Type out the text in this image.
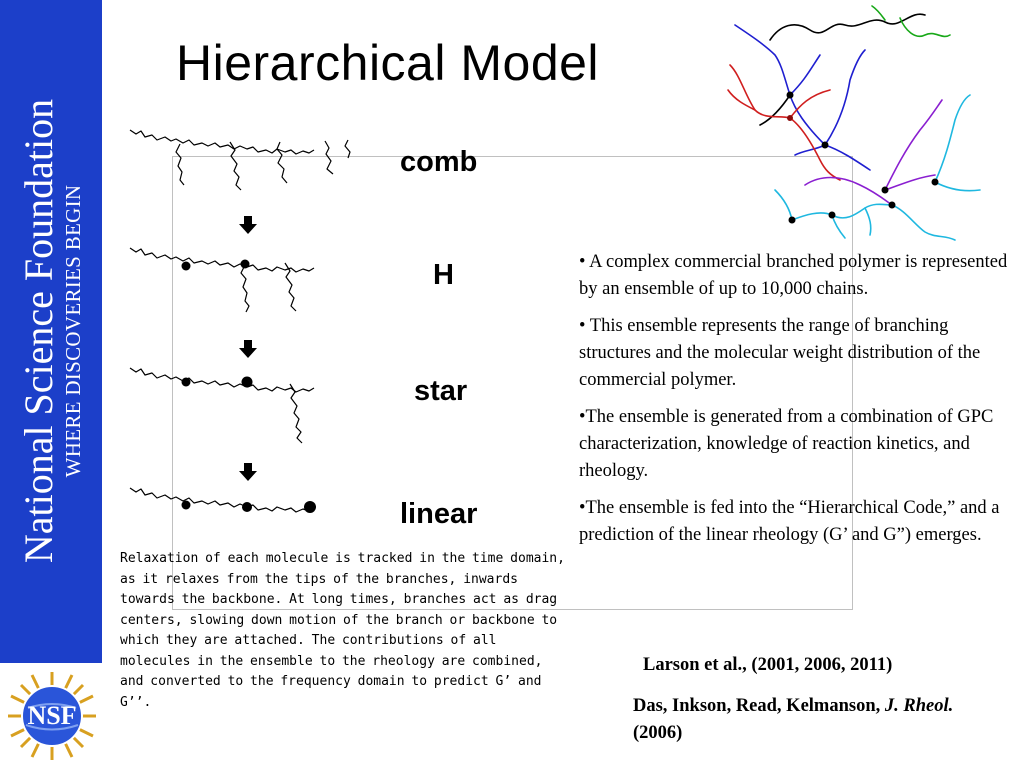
National Science Foundation WHERE DISCOVERIES BEGIN
NSF
Hierarchical Model
comb
H
star
linear
Relaxation of each molecule is tracked in the time domain, as it relaxes from the tips of the branches, inwards towards the backbone. At long times, branches act as drag centers, slowing down motion of the branch or backbone to which they are attached. The contributions of all molecules in the ensemble to the rheology are combined, and converted to the frequency domain to predict G’ and G’’.

• A complex commercial branched polymer is represented by an ensemble of up to 10,000 chains.

• This ensemble represents the range of branching structures and the molecular weight distribution of the commercial polymer.

•The ensemble is generated from a combination of GPC characterization, knowledge of reaction kinetics, and rheology.

•The ensemble is fed into the “Hierarchical Code,” and a prediction of the linear rheology (G’ and G”) emerges.

Larson et al., (2001, 2006, 2011)
Das, Inkson, Read, Kelmanson, J. Rheol. (2006)
